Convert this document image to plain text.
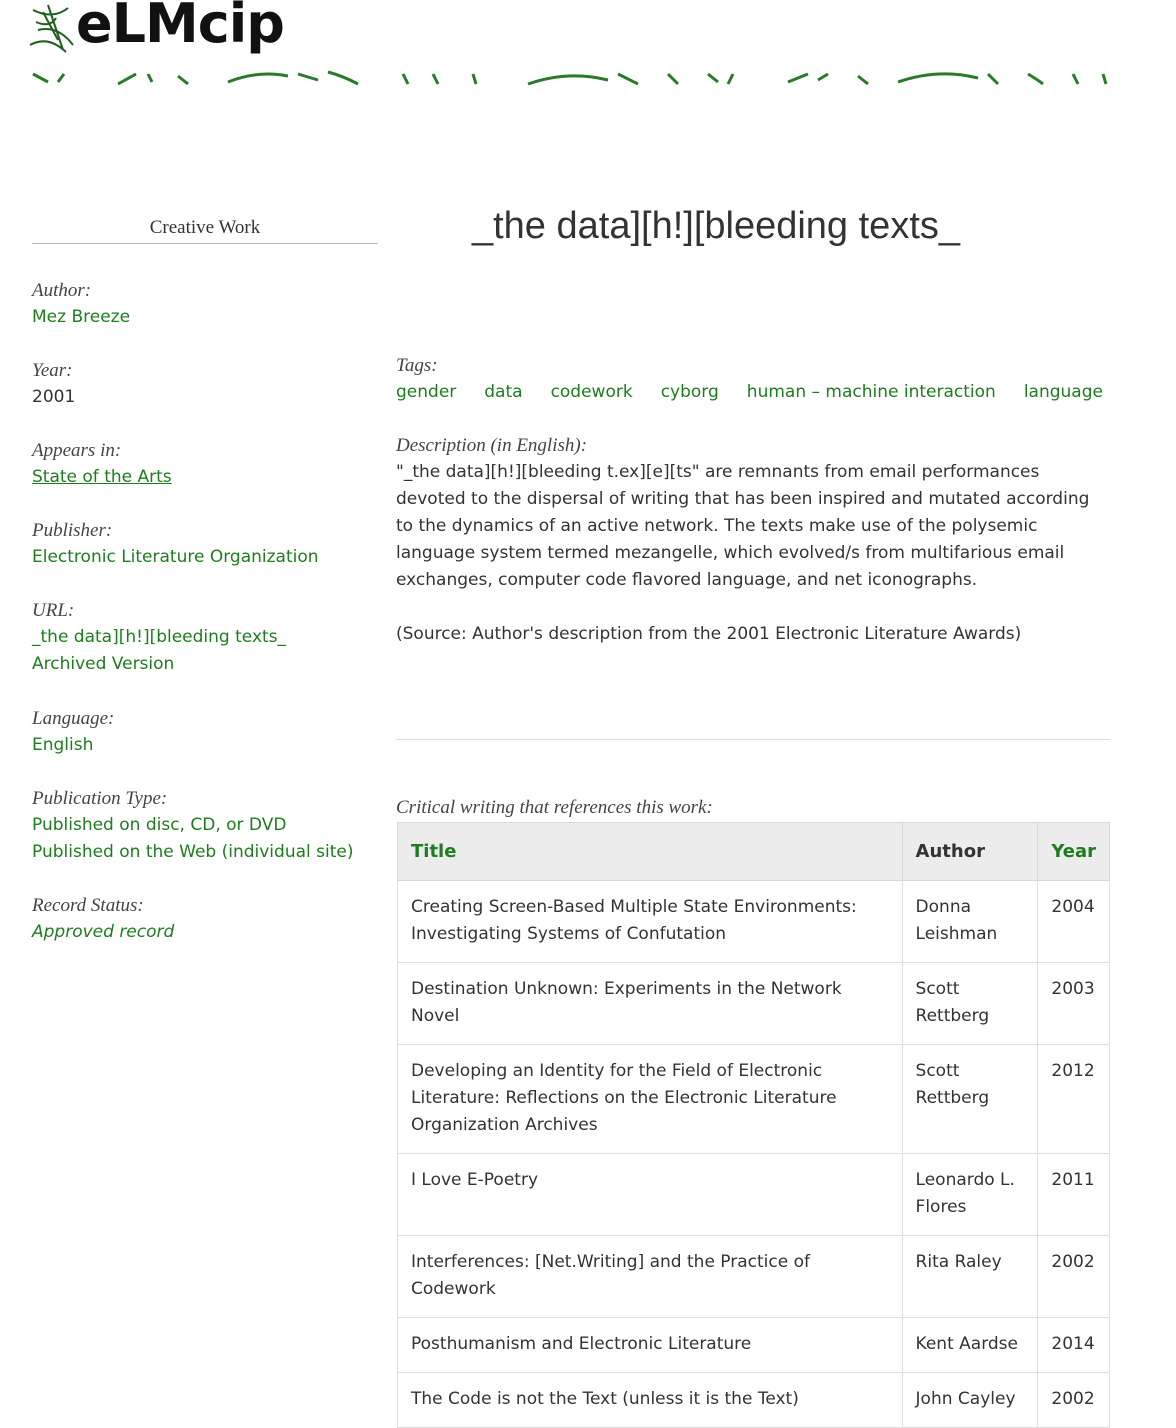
eLMcip
Creative Work
Author:
Mez Breeze
Year:
2001
Appears in:
State of the Arts
Publisher:
Electronic Literature Organization
URL:
_the data][h!][bleeding texts_
Archived Version
Language:
English
Publication Type:
Published on disc, CD, or DVD
Published on the Web (individual site)
Record Status:
Approved record
_the data][h!][bleeding texts_
Tags:
gender data codework cyborg human – machine interaction language
Description (in English):
"_the data][h!][bleeding t.ex][e][ts" are remnants from email performances devoted to the dispersal of writing that has been inspired and mutated according to the dynamics of an active network. The texts make use of the polysemic language system termed mezangelle, which evolved/s from multifarious email exchanges, computer code flavored language, and net iconographs.
(Source: Author's description from the 2001 Electronic Literature Awards)
Critical writing that references this work:
Title	Author	Year
Creating Screen-Based Multiple State Environments: Investigating Systems of Confutation	Donna Leishman	2004
Destination Unknown: Experiments in the Network Novel	Scott Rettberg	2003
Developing an Identity for the Field of Electronic Literature: Reflections on the Electronic Literature Organization Archives	Scott Rettberg	2012
I Love E-Poetry	Leonardo L. Flores	2011
Interferences: [Net.Writing] and the Practice of Codework	Rita Raley	2002
Posthumanism and Electronic Literature	Kent Aardse	2014
The Code is not the Text (unless it is the Text)	John Cayley	2002
